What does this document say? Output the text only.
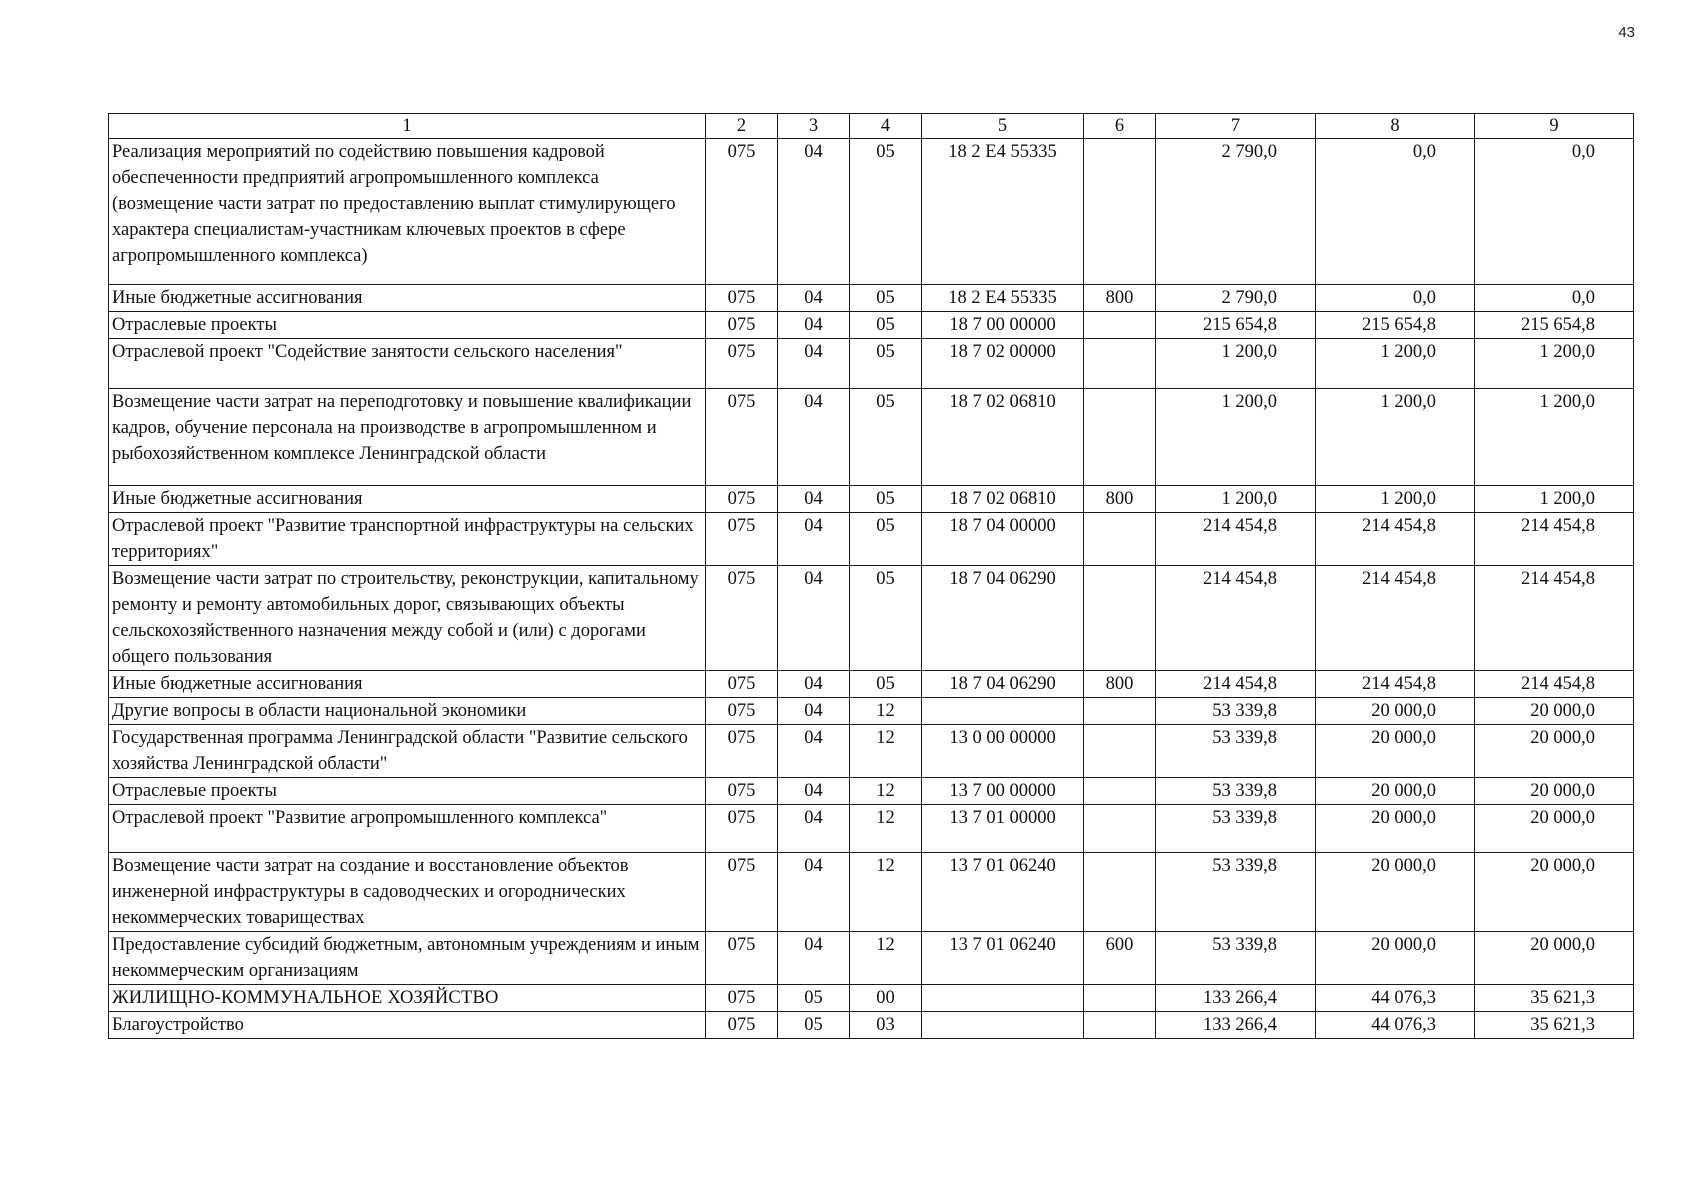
43
1	2	3	4	5	6	7	8	9
Реализация мероприятий по содействию повышения кадровой обеспеченности предприятий агропромышленного комплекса (возмещение части затрат по предоставлению выплат стимулирующего характера специалистам-участникам ключевых проектов в сфере агропромышленного комплекса)	075	04	05	18 2 E4 55335		2 790,0	0,0	0,0
Иные бюджетные ассигнования	075	04	05	18 2 E4 55335	800	2 790,0	0,0	0,0
Отраслевые проекты	075	04	05	18 7 00 00000		215 654,8	215 654,8	215 654,8
Отраслевой проект "Содействие занятости сельского населения"	075	04	05	18 7 02 00000		1 200,0	1 200,0	1 200,0
Возмещение части затрат на переподготовку и повышение квалификации кадров, обучение персонала на производстве в агропромышленном и рыбохозяйственном комплексе Ленинградской области	075	04	05	18 7 02 06810		1 200,0	1 200,0	1 200,0
Иные бюджетные ассигнования	075	04	05	18 7 02 06810	800	1 200,0	1 200,0	1 200,0
Отраслевой проект "Развитие транспортной инфраструктуры на сельских территориях"	075	04	05	18 7 04 00000		214 454,8	214 454,8	214 454,8
Возмещение части затрат по строительству, реконструкции, капитальному ремонту и ремонту автомобильных дорог, связывающих объекты сельскохозяйственного назначения между собой и (или) с дорогами общего пользования	075	04	05	18 7 04 06290		214 454,8	214 454,8	214 454,8
Иные бюджетные ассигнования	075	04	05	18 7 04 06290	800	214 454,8	214 454,8	214 454,8
Другие вопросы в области национальной экономики	075	04	12			53 339,8	20 000,0	20 000,0
Государственная программа Ленинградской области "Развитие сельского хозяйства Ленинградской области"	075	04	12	13 0 00 00000		53 339,8	20 000,0	20 000,0
Отраслевые проекты	075	04	12	13 7 00 00000		53 339,8	20 000,0	20 000,0
Отраслевой проект "Развитие агропромышленного комплекса"	075	04	12	13 7 01 00000		53 339,8	20 000,0	20 000,0
Возмещение части затрат на создание и восстановление объектов инженерной инфраструктуры в садоводческих и огороднических некоммерческих товариществах	075	04	12	13 7 01 06240		53 339,8	20 000,0	20 000,0
Предоставление субсидий бюджетным, автономным учреждениям и иным некоммерческим организациям	075	04	12	13 7 01 06240	600	53 339,8	20 000,0	20 000,0
ЖИЛИЩНО-КОММУНАЛЬНОЕ ХОЗЯЙСТВО	075	05	00			133 266,4	44 076,3	35 621,3
Благоустройство	075	05	03			133 266,4	44 076,3	35 621,3
